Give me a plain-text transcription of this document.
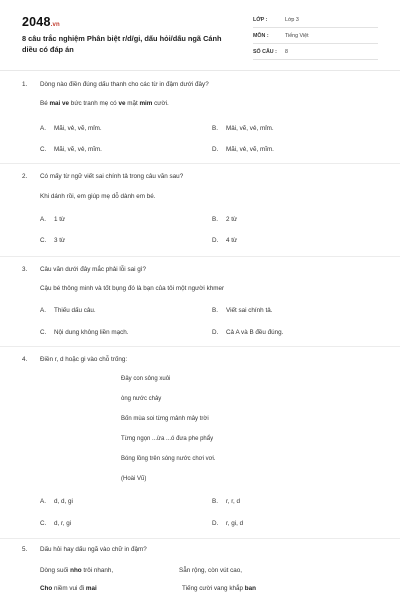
2048.vn
8 câu trắc nghiệm Phân biệt r/d/gi, dấu hỏi/dấu ngã Cánh diều có đáp án
LỚP :	Lớp 3
MÔN :	Tiếng Việt
SỐ CÂU : 8
1. Dòng nào điền đúng dấu thanh cho các từ in đậm dưới đây?
Bé mai ve bức tranh mẹ có ve mặt mim cười.
A. Mãi, vẻ, vẽ, mỉm.	B. Mải, vẽ, vẻ, mỉm.
C. Mãi, vẽ, vẻ, mĩm.	D. Mãi, vẻ, vẽ, mĩm.
2. Có mấy từ ngữ viết sai chính tả trong câu văn sau?
Khi dánh rồi, em giúp mẹ dỗ dành em bé.
A. 1 từ	B. 2 từ
C. 3 từ	D. 4 từ
3. Câu văn dưới đây mắc phải lỗi sai gì?
Cậu bé thông minh và tốt bụng đó là bạn của tôi một người khmer
A. Thiếu dấu câu.	B. Viết sai chính tả.
C. Nội dung không liền mạch.	D. Cả A và B đều đúng.
4. Điền r, d hoặc gi vào chỗ trống:
Đây con sông xuôi
òng nước chảy
Bốn mùa soi từng mảnh mây trời
Từng ngọn ...ừa ...ó đưa phe phẩy
Bóng lồng trên sóng nước chơi vơi.
(Hoài Vũ)
A. d, d, gi	B. r, r, d
C. d, r, gi	D. r, gi, d
5. Dấu hỏi hay dấu ngã vào chữ in đậm?
Dòng suối nho trôi nhanh,	Sẵn rộng, còn vút cao,
Cho niềm vui đi mai	Tiếng cười vang khắp ban
